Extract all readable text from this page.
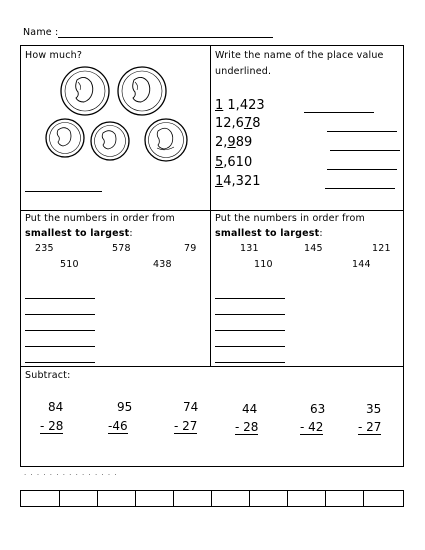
Name :
How much?	Write the name of the place value
underlined.
1 1,423
12,678
2,989
5,610
14,321
Put the numbers in order from
smallest to largest:
235	578	79
510	438
Put the numbers in order from
smallest to largest:
131	145	121
110	144
Subtract:
84
- 28
95
-46
74
- 27
44
- 28
63
- 42
35
- 27
. . . . . . . . . . . . . . .
